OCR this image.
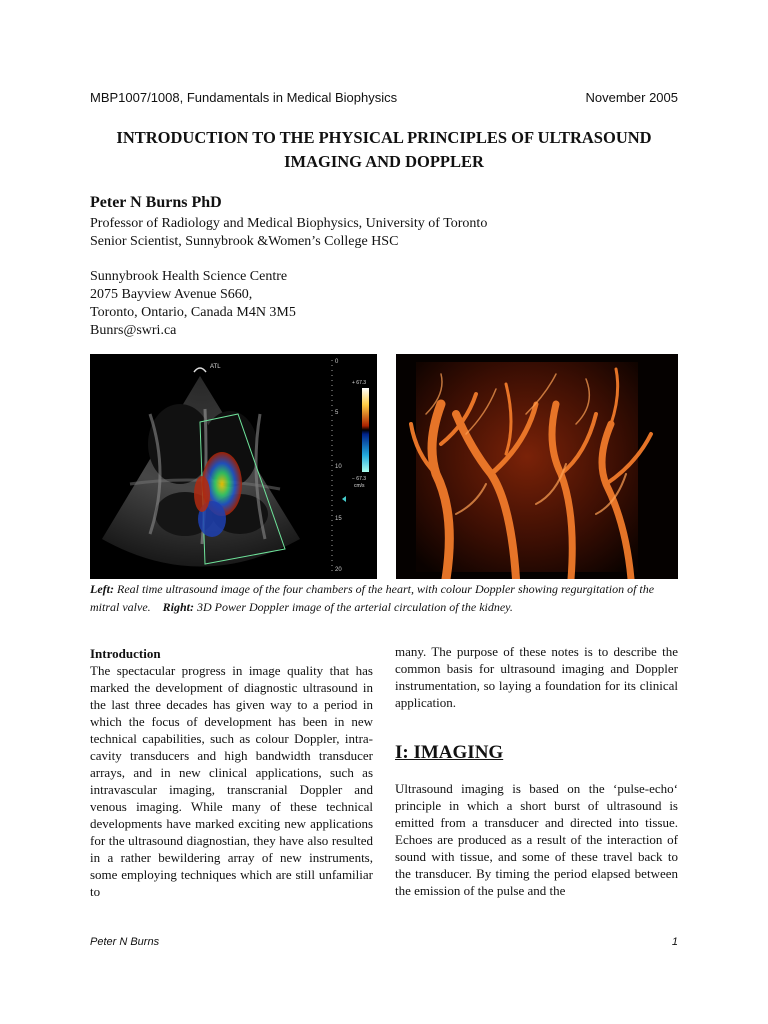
MBP1007/1008, Fundamentals in Medical Biophysics	November 2005
INTRODUCTION TO THE PHYSICAL PRINCIPLES OF ULTRASOUND
IMAGING AND DOPPLER
Peter N Burns PhD
Professor of Radiology and Medical Biophysics, University of Toronto
Senior Scientist, Sunnybrook &Women’s College HSC
Sunnybrook Health Science Centre
2075 Bayview Avenue S660,
Toronto, Ontario, Canada M4N 3M5
Bunrs@swri.ca
ATL
0
5
10
15
20
+ 67.3
− 67.3
cm/s
Left: Real time ultrasound image of the four chambers of the heart, with colour Doppler showing regurgitation of the mitral valve. Right: 3D Power Doppler image of the arterial circulation of the kidney.
Introduction
The spectacular progress in image quality that has marked the development of diagnostic ultrasound in the last three decades has given way to a period in which the focus of development has been in new technical capabilities, such as colour Doppler, intra-cavity transducers and high bandwidth transducer arrays, and in new clinical applications, such as intravascular imaging, transcranial Doppler and venous imaging. While many of these technical developments have marked exciting new applications for the ultrasound diagnostian, they have also resulted in a rather bewildering array of new instruments, some employing techniques which are still unfamiliar to
many. The purpose of these notes is to describe the common basis for ultrasound imaging and Doppler instrumentation, so laying a foundation for its clinical application.
I: IMAGING
Ultrasound imaging is based on the ‘pulse-echo‘ principle in which a short burst of ultrasound is emitted from a transducer and directed into tissue. Echoes are produced as a result of the interaction of sound with tissue, and some of these travel back to the transducer. By timing the period elapsed between the emission of the pulse and the
Peter N Burns	1
